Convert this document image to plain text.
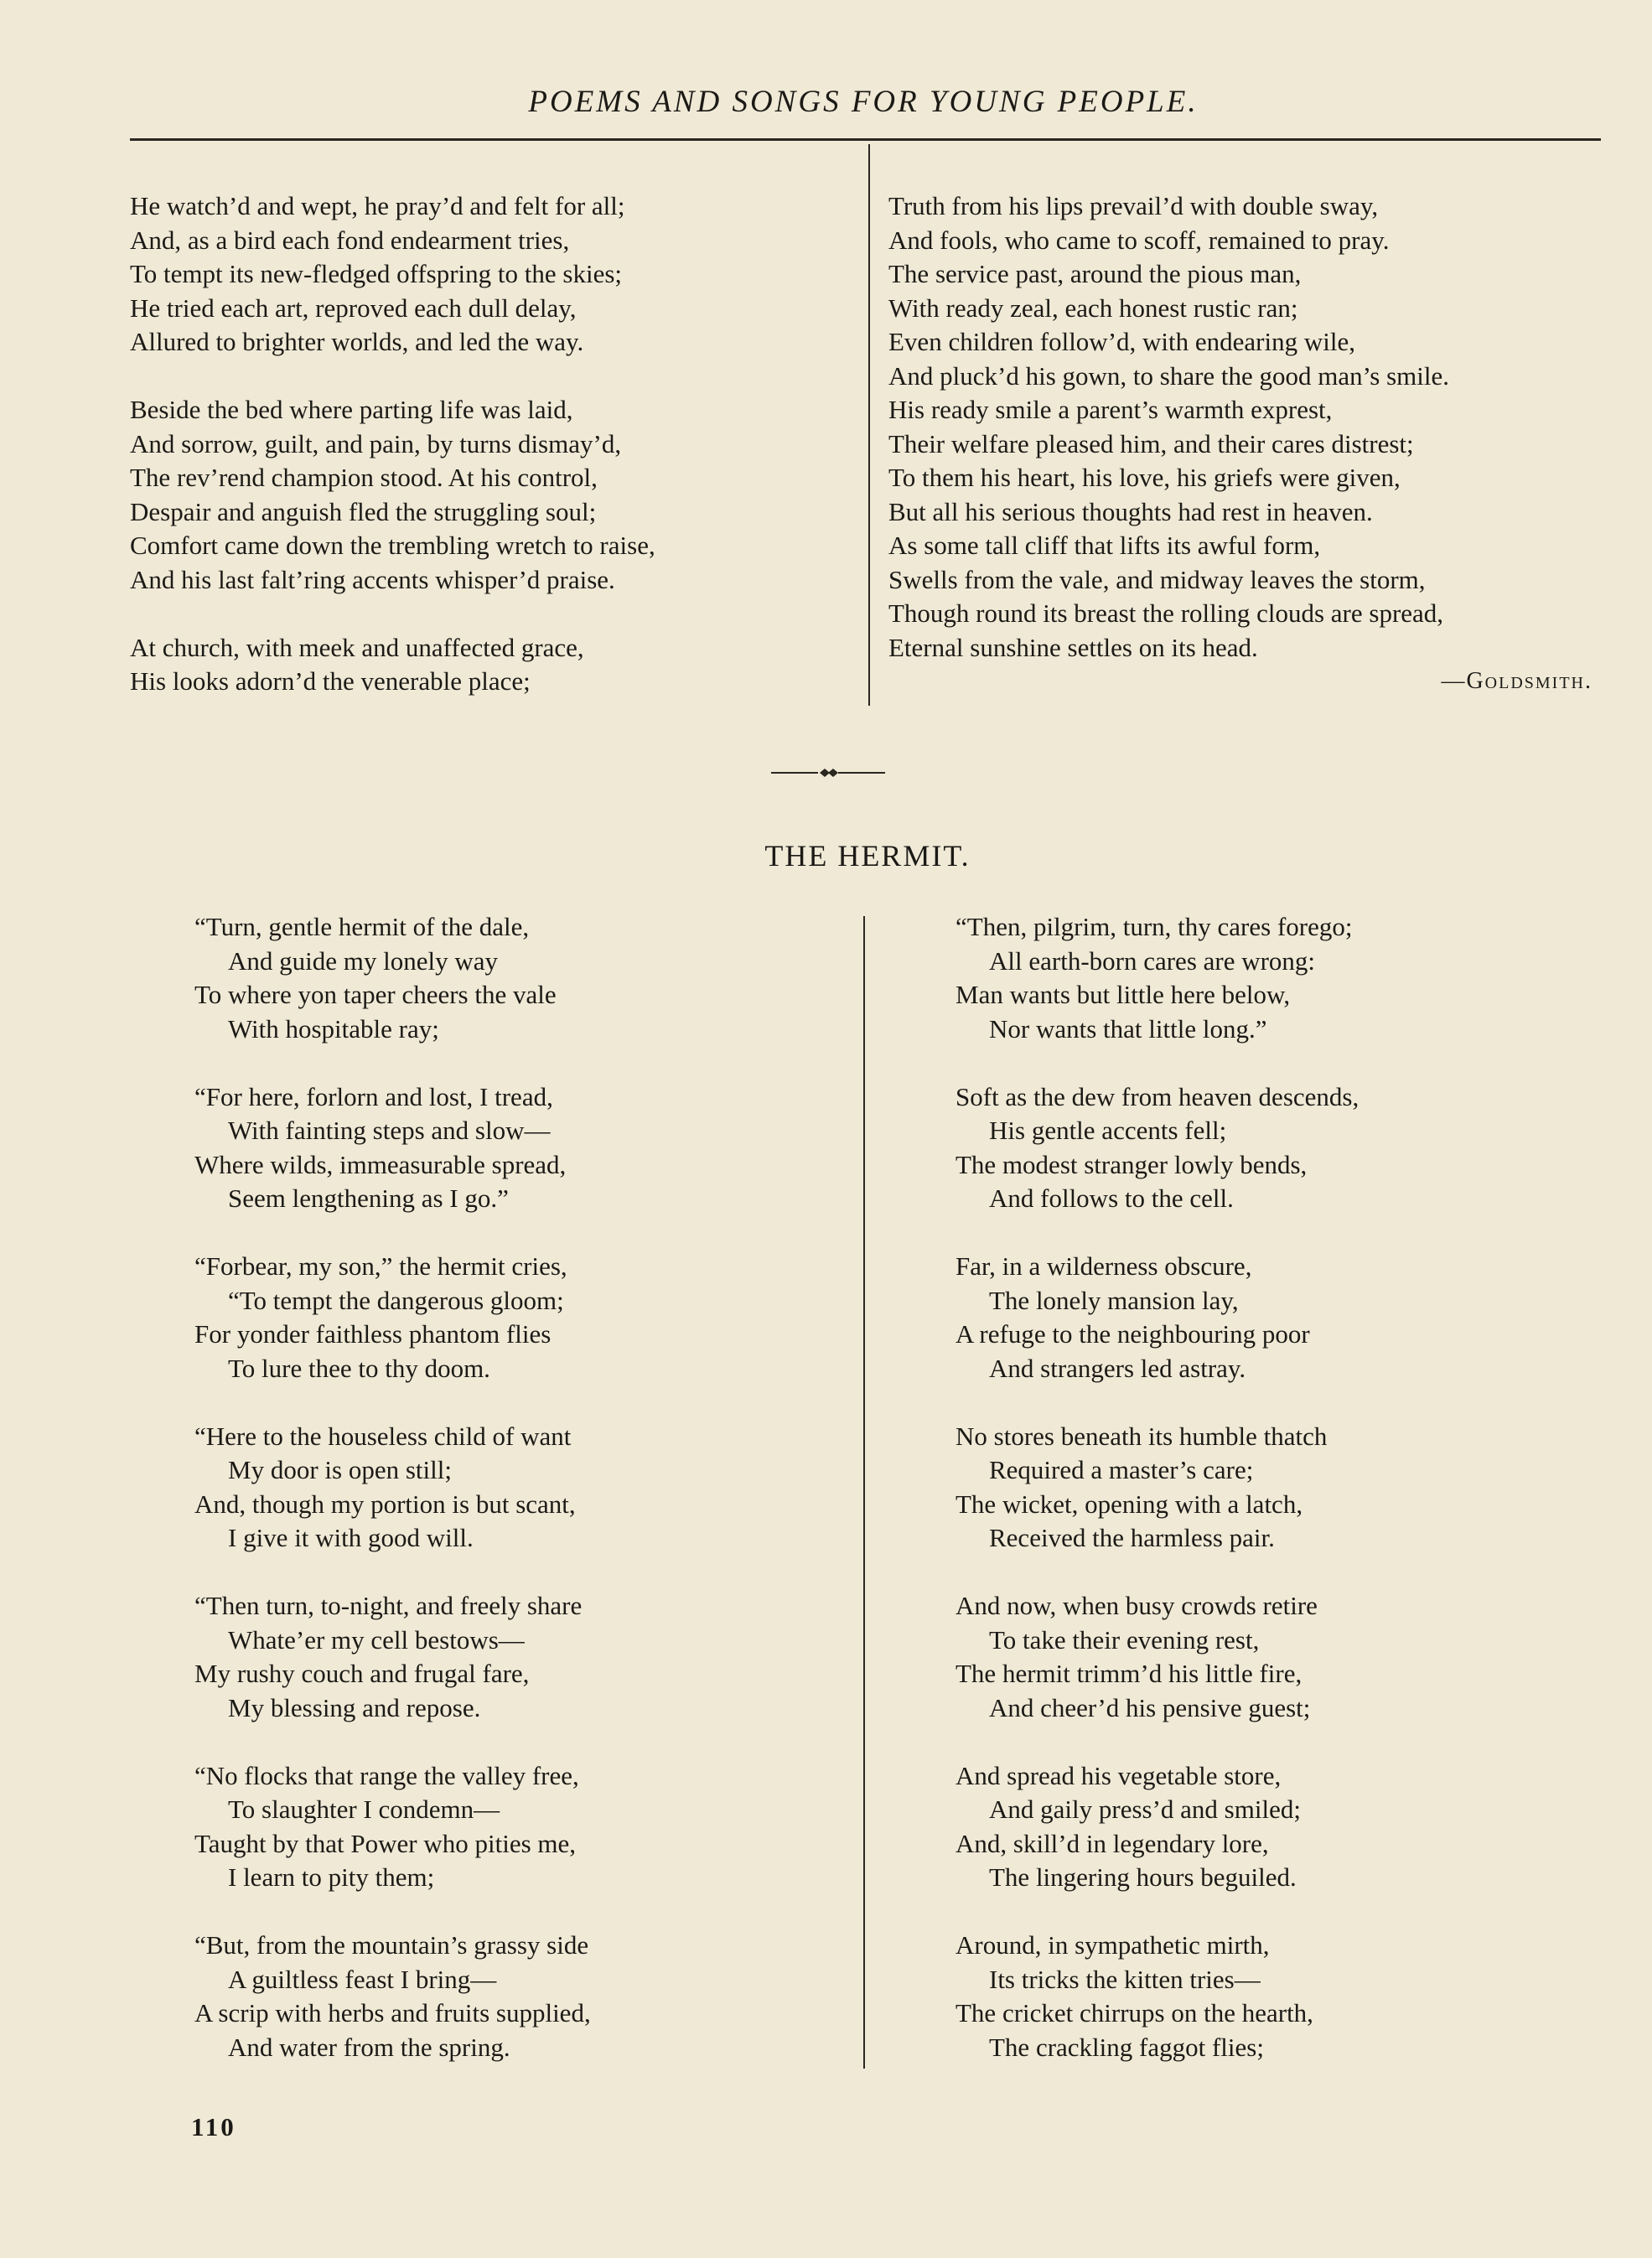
POEMS AND SONGS FOR YOUNG PEOPLE.
He watch’d and wept, he pray’d and felt for all;
And, as a bird each fond endearment tries,
To tempt its new-fledged offspring to the skies;
He tried each art, reproved each dull delay,
Allured to brighter worlds, and led the way.
Beside the bed where parting life was laid,
And sorrow, guilt, and pain, by turns dismay’d,
The rev’rend champion stood. At his control,
Despair and anguish fled the struggling soul;
Comfort came down the trembling wretch to raise,
And his last falt’ring accents whisper’d praise.
At church, with meek and unaffected grace,
His looks adorn’d the venerable place;
Truth from his lips prevail’d with double sway,
And fools, who came to scoff, remained to pray.
The service past, around the pious man,
With ready zeal, each honest rustic ran;
Even children follow’d, with endearing wile,
And pluck’d his gown, to share the good man’s smile.
His ready smile a parent’s warmth exprest,
Their welfare pleased him, and their cares distrest;
To them his heart, his love, his griefs were given,
But all his serious thoughts had rest in heaven.
As some tall cliff that lifts its awful form,
Swells from the vale, and midway leaves the storm,
Though round its breast the rolling clouds are spread,
Eternal sunshine settles on its head.
—Goldsmith.
THE HERMIT.
“Turn, gentle hermit of the dale,
And guide my lonely way
To where yon taper cheers the vale
With hospitable ray;
“For here, forlorn and lost, I tread,
With fainting steps and slow—
Where wilds, immeasurable spread,
Seem lengthening as I go.”
“Forbear, my son,” the hermit cries,
“To tempt the dangerous gloom;
For yonder faithless phantom flies
To lure thee to thy doom.
“Here to the houseless child of want
My door is open still;
And, though my portion is but scant,
I give it with good will.
“Then turn, to-night, and freely share
Whate’er my cell bestows—
My rushy couch and frugal fare,
My blessing and repose.
“No flocks that range the valley free,
To slaughter I condemn—
Taught by that Power who pities me,
I learn to pity them;
“But, from the mountain’s grassy side
A guiltless feast I bring—
A scrip with herbs and fruits supplied,
And water from the spring.
“Then, pilgrim, turn, thy cares forego;
All earth-born cares are wrong:
Man wants but little here below,
Nor wants that little long.”
Soft as the dew from heaven descends,
His gentle accents fell;
The modest stranger lowly bends,
And follows to the cell.
Far, in a wilderness obscure,
The lonely mansion lay,
A refuge to the neighbouring poor
And strangers led astray.
No stores beneath its humble thatch
Required a master’s care;
The wicket, opening with a latch,
Received the harmless pair.
And now, when busy crowds retire
To take their evening rest,
The hermit trimm’d his little fire,
And cheer’d his pensive guest;
And spread his vegetable store,
And gaily press’d and smiled;
And, skill’d in legendary lore,
The lingering hours beguiled.
Around, in sympathetic mirth,
Its tricks the kitten tries—
The cricket chirrups on the hearth,
The crackling faggot flies;
110
